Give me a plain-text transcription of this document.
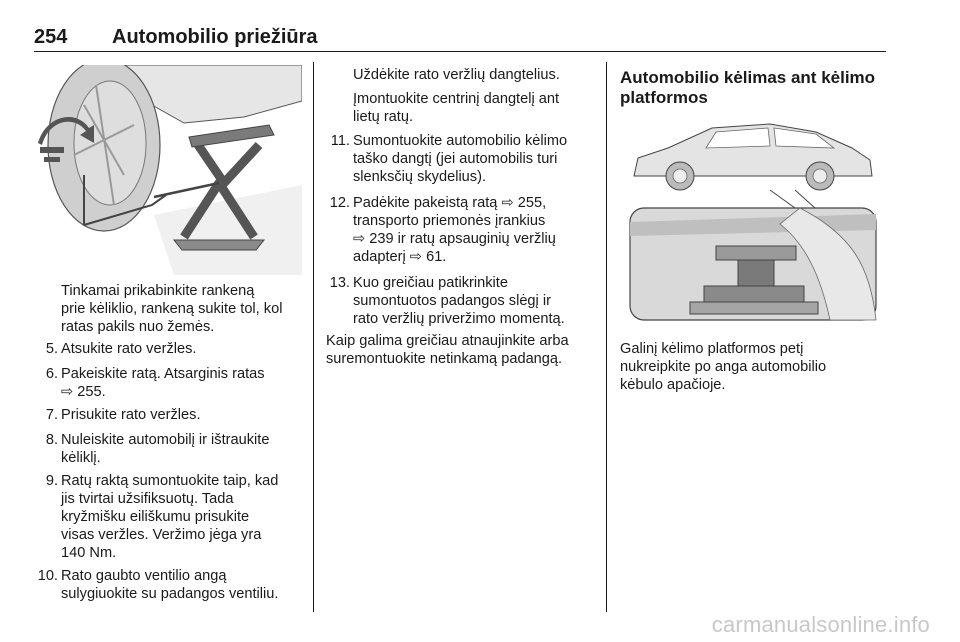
254 Automobilio priežiūra
Tinkamai prikabinkite rankeną
prie kėliklio, rankeną sukite tol, kol
ratas pakils nuo žemės.
5. Atsukite rato veržles.
6. Pakeiskite ratą. Atsarginis ratas
⇨ 255.
7. Prisukite rato veržles.
8. Nuleiskite automobilį ir ištraukite
kėliklį.
9. Ratų raktą sumontuokite taip, kad
jis tvirtai užsifiksuotų. Tada
kryžmišku eiliškumu prisukite
visas veržles. Veržimo jėga yra
140 Nm.
10. Rato gaubto ventilio angą
sulygiuokite su padangos ventiliu.
Uždėkite rato veržlių dangtelius.
Įmontuokite centrinį dangtelį ant
lietų ratų.
11. Sumontuokite automobilio kėlimo
taško dangtį (jei automobilis turi
slenksčių skydelius).
12. Padėkite pakeistą ratą ⇨ 255,
transporto priemonės įrankius
⇨ 239 ir ratų apsauginių veržlių
adapterį ⇨ 61.
13. Kuo greičiau patikrinkite
sumontuotos padangos slėgį ir
rato veržlių priveržimo momentą.
Kaip galima greičiau atnaujinkite arba
suremontuokite netinkamą padangą.
Automobilio kėlimas ant kėlimo
platformos
Galinį kėlimo platformos petį
nukreipkite po anga automobilio
kėbulo apačioje.
carmanualsonline.info
